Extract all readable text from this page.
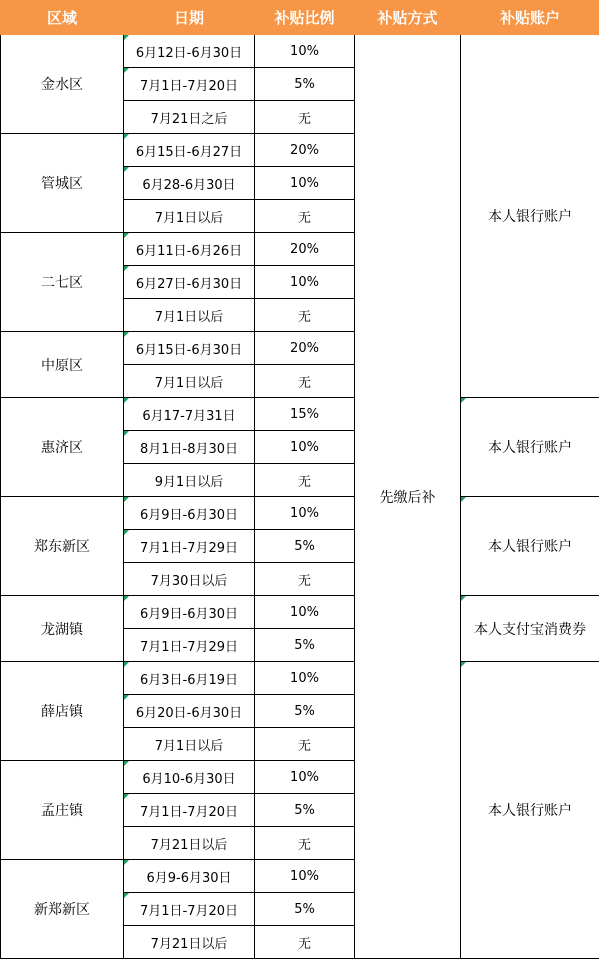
区域	日期	补贴比例	补贴方式	补贴账户
金水区	6月12日-6月30日	10%	先缴后补	本人银行账户
	7月1日-7月20日	5%		
	7月21日之后	无		
管城区	6月15日-6月27日	20%		
	6月28-6月30日	10%		
	7月1日以后	无		
二七区	6月11日-6月26日	20%		
	6月27日-6月30日	10%		
	7月1日以后	无		
中原区	6月15日-6月30日	20%		
	7月1日以后	无		
惠济区	6月17-7月31日	15%		本人银行账户
	8月1日-8月30日	10%		
	9月1日以后	无		
郑东新区	6月9日-6月30日	10%		本人银行账户
	7月1日-7月29日	5%		
	7月30日以后	无		
龙湖镇	6月9日-6月30日	10%		本人支付宝消费券
	7月1日-7月29日	5%		
薛店镇	6月3日-6月19日	10%		本人银行账户
	6月20日-6月30日	5%		
	7月1日以后	无		
孟庄镇	6月10-6月30日	10%		
	7月1日-7月20日	5%		
	7月21日以后	无		
新郑新区	6月9-6月30日	10%		
	7月1日-7月20日	5%		
	7月21日以后	无		
